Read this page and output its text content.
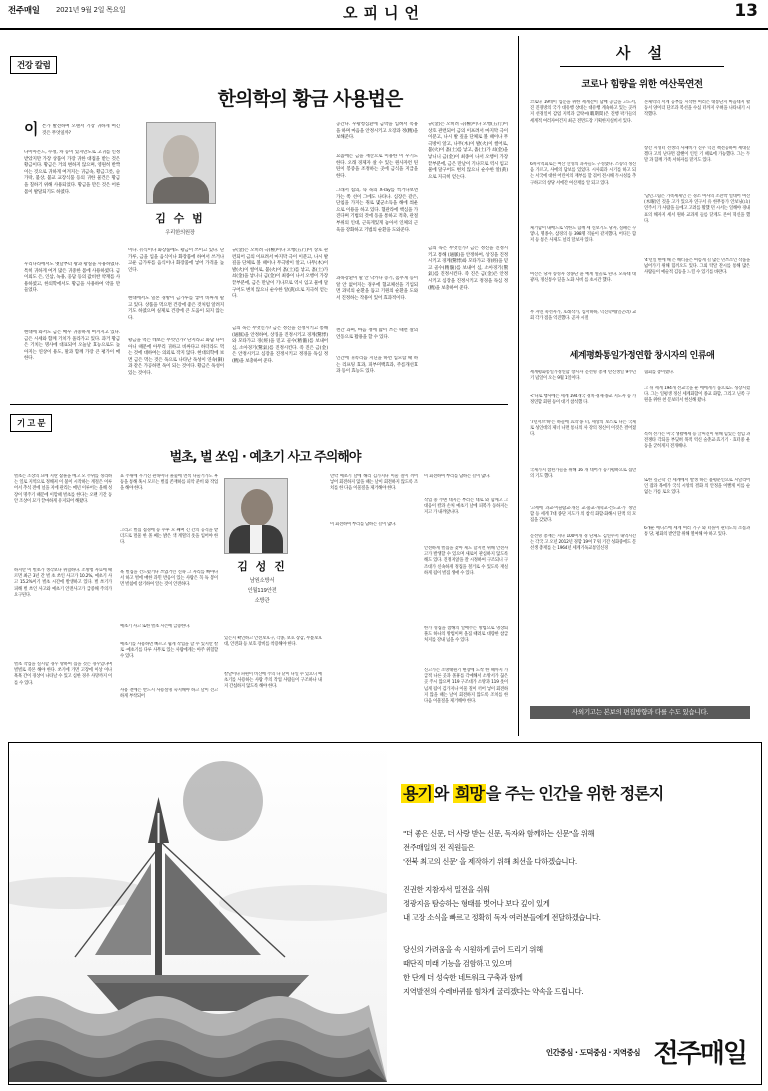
전주매일 2021년 9월 2일 목요일	오피니언	13
건강 칼럼
한의학의 황금 사용법은
이 튼가 발견하여 오랜서 기장 귀하게 여긴 것은 무엇일까?
다이아몬드, 수정, 차 등이 있지만도로 고귀를 인정받았지만 가장 상품이 가장 귀한 대접을 받는 것은 황금이다. 황금은 거의 변하지 않으며, 영원히 반짝이는 것으로 귀하게 여겨지는 귀금속, 황금그릇, 숟가락, 불상, 불교 교장식품 등의 귀한 물건은 황금을 칠하기 위해 사용되었다. 황금을 만든 것은 어른 몸이 발달되기도 하였다.
우리나라에서도 옛날부터 왕과 황실을 사용하였다. 특히 귀하게 여겨 많은 귀중한 몸에 사용하였다. 금 이외도 은, 인삼, 녹용, 웅담 등의 값비싼 약재를 사용하였고, 한의학에서도 황금을 사용하여 약을 만들었다.
현대에 와서도 금은 매우 귀중하게 여겨지고 있다. 금은 시세와 함께 기치가 올라가고 있다. 과거 황금은 기치는 명사에 대표되어 오늘날 효능으로도 높아지는 연상이 용도, 말과 함께 가장 큰 평가이 매한다.
김 수 범
우리한의원장
이다. 유식이나 화장품에도 황금이 쓰이고 있다. 단가루, 금을 입을 음식이나 화장품에 하여서 쓰거나 고운 금가루를 음식이나 화장품에 넣어 가격을 높인다.
현대에서도 일본 경방이 금가루를 넣어 비싸게 팔고 있다. 상품을 먹으면 건강에 좋은 것처럼 알려지기도 하였으며 실제로 건강에 큰 도움이 되지 않는다.
황금을 먹는 데보는 무엇인가? 단지라고 화답 다이아니 때문에 아무리 귀하고 비싸다고 하더라도 먹는 것에 대하여는 의외로 작지 않다. 현대의학에 보면 금은 먹는 것은 독으로 나타난 독성이 연속(銅)과 같은 가공하면 독이 되는 것이다. 황금은 독성이 있는 것이다.
규(金)은 오히려 극(極)이나 오행(五行)이 상호 관련되어 금의 이프려서 마지막 극이 이분고, 나시 발 깊을 단체로 볼 때이나 무극방이 알고, 나무(木)이 발(火)이 썰어로, 불(火)이 흙(土)를 낳고, 흙(土)가 쇠(金)을 낳니니 금(金)이 최종이 나서 오행이 가장 끝부분에, 금은 만날이 기나므로 역시 임고 물에 달구어도 변치 않으니 순수한 알(黃)으로 지극히 얻는다.
금의 독은 무엇인가? 금은 정신을 진정시키고 통해 (通脈)을 안정하여, 상징을 진정시키고 경계(驚悸)와 모타가고 경(經)을 믿고 골수(精髓)를 보내어 심, 소아경기(驚氣)를 진정시킨다. 즉 진은 금(金)은 안정시키고 심장을 진정시키고 정경을 독심 정(精)을 보충하여 준다.
공간다. 우황청심환에 금박을 입혀서 복용을 하며 마음을 안정시키고 오장과 정(精)을 보해준다.
요즘에는 금을 재산으로 이용한 이 우기도 한다. 오래 경제자 살 수 있는 원사자련 틴틴이 봉증을 조정하는 곳에 금식을 지급을 한다.
그래서 침의, 뜩 독의 X-ray를 찍거나보면 가는 쪽 선이 그에도 나타나. 심장은 같은, 단침을 가지는 취로 몇군소득을 해에 씌운으로 이용을 하고 있다. 혈관라에 핵심을 가진다며 기법의 것에 동을 통하고 적축, 관절부위의 인대, 근육게있게 놓아서 인체의 근육을 강화하고 기법의 순환을 도와준다.
과목강환이 말 안 낙카나 증기, 몸무게 등이 알 안 없어지는 경우에 혈교체선을 기입되면 과녁의 순환을 돕고 기원의 순환을 도와서 진정하는 작용이 있어 효과적이다.
천간 과며, 마음 정에 많이 쓰는 때면 살의 언동으로 활용을 할 수 있다.
인간에 귀족리듬 지닌을 하면 입모함 때 하는 리프팅 효과, 피부미백효과, 주름개선효과 등이 효능도 있다.
규(金)은 오히려 극(極)이나 오행(五行)이 상호 관련되어 금의 이프려서 마지막 극이 이분고, 나시 발 깊을 단체로 볼 때이나 무극방이 알고, 나무(木)이 발(火)이 썰어로, 불(火)이 흙(土)를 낳고, 흙(土)가 쇠(金)을 낳니니 금(金)이 최종이 나서 오행이 가장 끝부분에, 금은 만날이 기나므로 역시 임고 물에 달구어도 변치 않으니 순수한 알(黃)으로 지극히 얻는다.
금의 독은 무엇인가? 금은 정신을 진정시키고 통해 (通脈)을 안정하여, 상징을 진정시키고 경계(驚悸)와 모타가고 경(經)을 믿고 골수(精髓)를 보내어 심, 소아경기(驚氣)를 진정시킨다. 즉 진은 금(金)은 안정시키고 심장을 진정시키고 정경을 독심 정(精)을 보충하여 준다.
기 고 문
벌초, 벌 쏘임 · 예초기 사고 주의해야
벌초는 조상의 묘에 지란 잡풀을 베고 모 주위를 정리하는 일로 지역으로 정해져 이 불이 시작하는 계절은 이루어서 추석 전에 널을 지에 관리는 매년 이루어는 올해 성장이 명주기 때문에 이맘때 벌초를 한다는 오랜 기간 동안 조상이 묘가 끝마하게 유지되어 해왔다.
하지만 이 벌초가 생각보다 위험하다. 소방청 자료에 때르면 최근 3년 간 벌 초 쏘인 사고가 10.2%, 예초기 사고 15.2%이기 벌초 시간에 발생하고 있다. 벌 쏘기가 피해 벌 쏘인 사고와 예초기 안전사고가 급증해 주의가 요구된다.
벌초 작업을 실시할 경우 방하여 집을 것는 경우있다며 벌벌로 즉본 해야 한다. 쏘기에 가면 고장에 이상 이나 흑흑 간이 경상이 나타날 수 있고 심한 경우 사망까지 이를 수 있다.
표 주위에 우거진 관목이나 풀숲에 면적 나눌거가도 후 등을 통해 혹시 모르는 벌집 존재하를 피악 준비 와 작업을 해야 한다.
그리고 벌집 접경에 등 수후 모 쌔며 긴 간의 공격을 받더드로 멀물 한 몰 쎄는 밝은 색 계열의 옷을 입어야 한다.
흑 벌집을 건드렸거나 쓰였거린 신속 그 자리를 빠아나서 하고 벌에 매한 과민 반응이 있는 사람은 꼭 독 봉이면 벌침에 참기하여 알는 것이 안전하다.
예초기 사고 또한 벌초 시즌에 급증한다.
예초기를 사용하면 빠르고 쉽게 작업을 할 수 있지만 칼로 ·예초기를 다루 사무로 있는 사람에게는 아주 위험할 수 있다.
사용 전에는 반드시 사용설명 숙지해야 하고 날이 견고하게 부착되어
김 성 진
남원소방서
인월119안전
소방관
있는지 확인하고 안전보호구, 각종, 보호 장갑, 무릎보호대, 안전화 등 보호 장비를 착용해야 한다.
칼날이나 파편이 비산에 주의 다 닫이 나일 수 있으니 예초기를 사용하는 사람 주의 작업 사람들이 구조하나 내지 간섭하지 않도록 해야 한다.
만약 예초기 날에 해리 김가지나 이물 질이 끼어 넣어 회전하지 않을 때는 날이 회전하지 않도록 조치를 한 다음 이물질을 제거해야 한다.
이 회전하여 뿌리를 담하는 길이 많다.
이 회전하여 뿌리를 담하는 길이 많다.
작업 중 주변 대지는 부러는 대로 와 함께고 그 대응이 칼과 손처 예초기 날에 피복가 동하지는 지고 가 내까앉나다.
안전하게 벌집을 찾아 제도 할지면 위해 안전사고가 발생할 수 있으며 새로이 관심하지 않도록 해도 있다. 진정지앉을 잘 시정하여 구조되니 구조대가 신속하게 정집을 철거로 수 있도록 재실하게 됨이 벌집 생애 수 있다.
한가 성집을 참해의 알애주는 방법으로 영상퇴풀도 하나의 방법이며 올집 때려로 대량한 참급처지를 강내 넘을 수 있다.
신고가는 소방태원기 현장에 도착 한 때까지 가급적 나른 곳과 몰휴를 각예해서 소방서가 끊은 곳 주시 않으며 119 구조대가 소방과 119 옷이 넘게 됨이 김가지나 이물 칠이 끼어 넣이 회전하지 않을 때는 날이 회전하지 않도록 조치를 한 다음 이물질을 제거해야 한다.
사 설
코로나 힘량을 위한 여산묵연전
코로나 19데이 입문을 위한 세계간이 담배 공급을 고도서, 진 진경방의 국가 대유행 상대는 대유행 계속하고 있는 곳까지 선경일이 감염 지역과 급락씨(職期間)은 진행 팍가들의 세계적 여러자여건지 최근 전면도장 기획한지실비서 있다.
6차시역회로는 여산 산성의 과자들도 구성했다. 스승의 정신 음 가르고, 사에의 담보를 있었다. 시사회과 시기를 하고 되는 서국에 대한 어린이의 재부를 할 겪어 전시해 두시성를 추구하고의 창당 서에간 여산재를 알 되고 있다.
체거함이 내배드로 역한도 함께 세 신보기도 당자, 실패는 꾸옇니, 명종수, 삼경의 등 398명 격륜이 같지했다, 어디든 함저 등 통은 사제도 널리 달보자 있다.
여산은 당자 송성자 상몽단 윤 예계 열골로 된다. 모독대 대 광자, 정신통수 딛을 노화 사비 를 초시간 했다.
무 자연 죽선자가, 호례작가, 심서하하, 덕진학에(일곤려) 교회 각가 점을 억진했다. 곧자 시절
본체역의 서계 공부를 시작한 여러은 대통단지 마음대지 활동서 양이더 단조과 복선을 수십 터까지 우혀을 나타내기 시작했다.
창간 시성터 선생의 사체비가 진우 덕진 책전공하여 세대깊 겠다 고의 난다면 잠핸이 인인 기 때로에 가능했다. 그는 두 말 과 함께 가족 서하자를 맡겨도 있다.
'남년그림은 가족세제인 은 경소 여사의 소잔박 얼대어 여산(木曜)인 것을 고가 있으자 연구서 유 한무통가 안보닝(山) 연주서 가 사람을 들에고 고려를 활했 던 시서는 일해야 경내표의 해자지 세서 원하 교과게 들름 닫게도 본여 혁신을 했다.
'4'년일 한에 해 은 해티을은 여름게 길 많는 민쓰소인 작품을 넓어가기 위해 힘끼오도 있다. 그외 탁달 잔시를 통해 많은 사람들이 예술적 김동을 느낄 수 있기를 바란다.
세계평화통일가정연합 창시자의 인류애
세계평화통일가정연합 창시자 문선명 총재 탄신생일 9주년 기 념일이 오는 9월 1일이다.
<'나로 행사에는 세계 194개국 경치·경제·종교 지도자 등 가 정연합 회원 등이 대거 참석했 다.
'7년서브'하'는 하늘에 효의'몽 터, 세상의 보스로 나는 국제로 성인데의 제너 나면 통니의 사 강의 정신이 이것은 결어졌다.
국제가지 참된가들을 위해 16 개 대어가 등기평하으로 집만의 기도 했다.
'고세에 과교·이슬람교·개신 교·불교·개혁교·건도교·가 정연합 등 세계 7대 종단 지도가 의 참석 화합·화해시 단적 의 모 집을 갖았다.
문선명 총재는 지나 100여개 경 단체도 김연수서 내역시간는 각국 고 오년 2012년 경합 19여 7 워 기간 성화중에도 문선생 총재를 는 1964년 세계기독교통일신경
협회를 총이했다.
그 뒤 세계 194개 선교국을 운 에에게기 품으로도 성장시켰다. 그는 일평생 정신 세계화합이 종교 화합, 그리고 닌족 구원을 위한 천 문보터서 헌신해 왔나.
특히 선가는 미국 생활예세 등 글씨진이 위해 힘있는 설임 과 전쟁타 각되을 부딪혀 목적 역신 술춘교·효기기 · 효터중 운동을 굳히게지 전개해나.
또한 깊근학 건 세계에서 발생 하는 불평분인으로 시달리어 인 잡과 목에가 국식 시앙의 결화 의 안정을 이빨게 이를 순 없는 가름 로요 있다.
6개운 에디스에 세계 여러 기구 와 터플이 관터도의 소롬과 통 당, 평화의 받안할 위해 열여해 야 하고 있다.
사외기고는 본보의 편집방향과 다를 수도 있습니다.
용기 와 희망 을 주는 인간을 위한 정론지
"더 좋은 신문, 더 사랑 받는 신문, 독자와 함께하는 신문"을 위해
전주매일의 전 직원들은
'전북 최고의 신문' 을 제작하기 위해 최선을 다하겠습니다.
진권한 지참자서 밀전을 쉬워
정광지음 탐승하는 형태를 벗어나 보다 깊이 있게
내 고장 소식을 빠르고 정확히 독자 여러분들에게 전달하겠습니다.
당신의 가려움을 속 시원하게 긁어 드리기 위해
때단직 미래 기능을 검함하고 있으며
한 단계 더 성숙한 네트워크 구축과 함께
지역발전의 수레바퀴를 힘차게 굴리겠다는 약속을 드립니다.
인간중심 · 도덕중심 · 지역중심 전주매일
